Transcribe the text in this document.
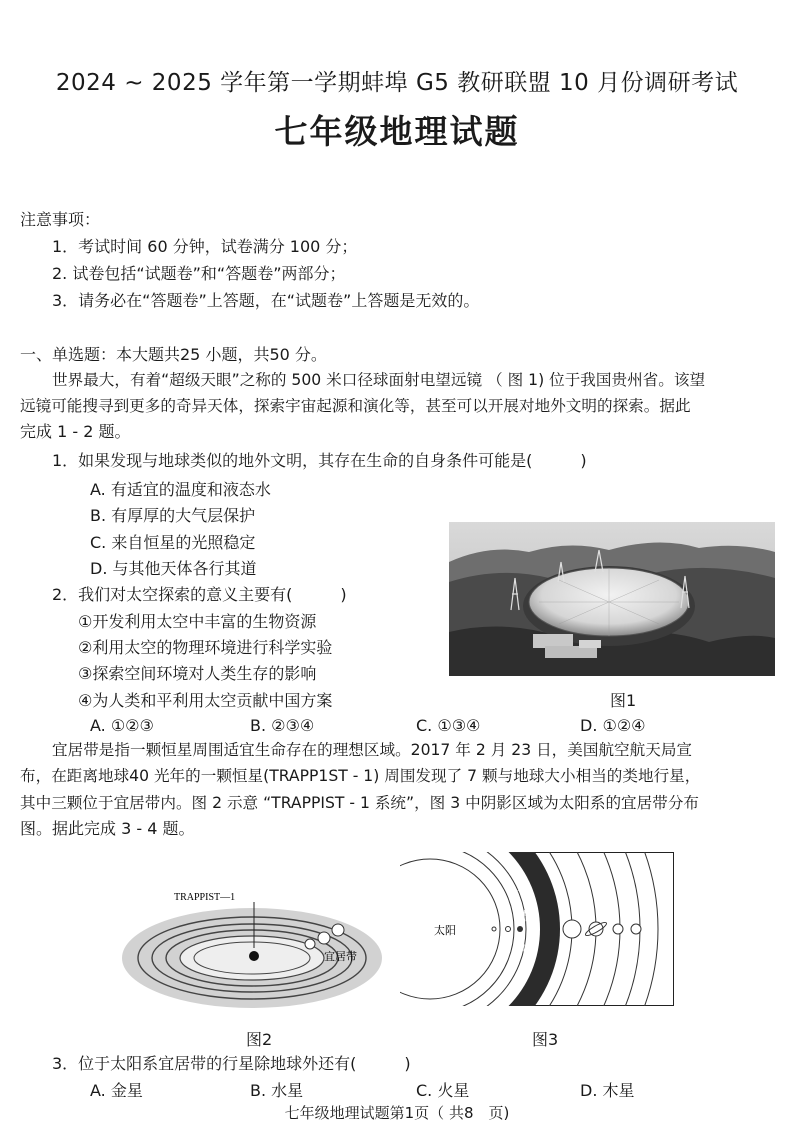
2024 ~ 2025 学年第一学期蚌埠 G5 教研联盟 10 月份调研考试
七年级地理试题
注意事项：
1．考试时间 60 分钟，试卷满分 100 分；
2. 试卷包括“试题卷”和“答题卷”两部分；
3．请务必在“答题卷”上答题，在“试题卷”上答题是无效的。
一、单选题：本大题共25 小题，共50 分。
世界最大，有着“超级天眼”之称的 500 米口径球面射电望远镜 （ 图 1) 位于我国贵州省。该望
远镜可能搜寻到更多的奇异天体，探索宇宙起源和演化等，甚至可以开展对地外文明的探索。据此
完成 1 - 2 题。
1．如果发现与地球类似的地外文明，其存在生命的自身条件可能是(　　　)
A. 有适宜的温度和液态水
B. 有厚厚的大气层保护
C. 来自恒星的光照稳定
D. 与其他天体各行其道
2．我们对太空探索的意义主要有(　　　)
①开发利用太空中丰富的生物资源
②利用太空的物理环境进行科学实验
③探索空间环境对人类生存的影响
④为人类和平利用太空贡献中国方案
A. ①②③	B. ②③④	C. ①③④	D. ①②④
图1
宜居带是指一颗恒星周围适宜生命存在的理想区域。2017 年 2 月 23 日，美国航空航天局宣
布，在距离地球40 光年的一颗恒星(TRAPP1ST - 1) 周围发现了 7 颗与地球大小相当的类地行星，
其中三颗位于宜居带内。图 2 示意 “TRAPPIST - 1 系统”，图 3 中阴影区域为太阳系的宜居带分布
图。据此完成 3 - 4 题。
TRAPPIST—1
宜居带
图2
太阳
宜
居
带
图3
3．位于太阳系宜居带的行星除地球外还有(　　　)
A. 金星	B. 水星	C. 火星	D. 木星
七年级地理试题第1页（ 共8　页)
